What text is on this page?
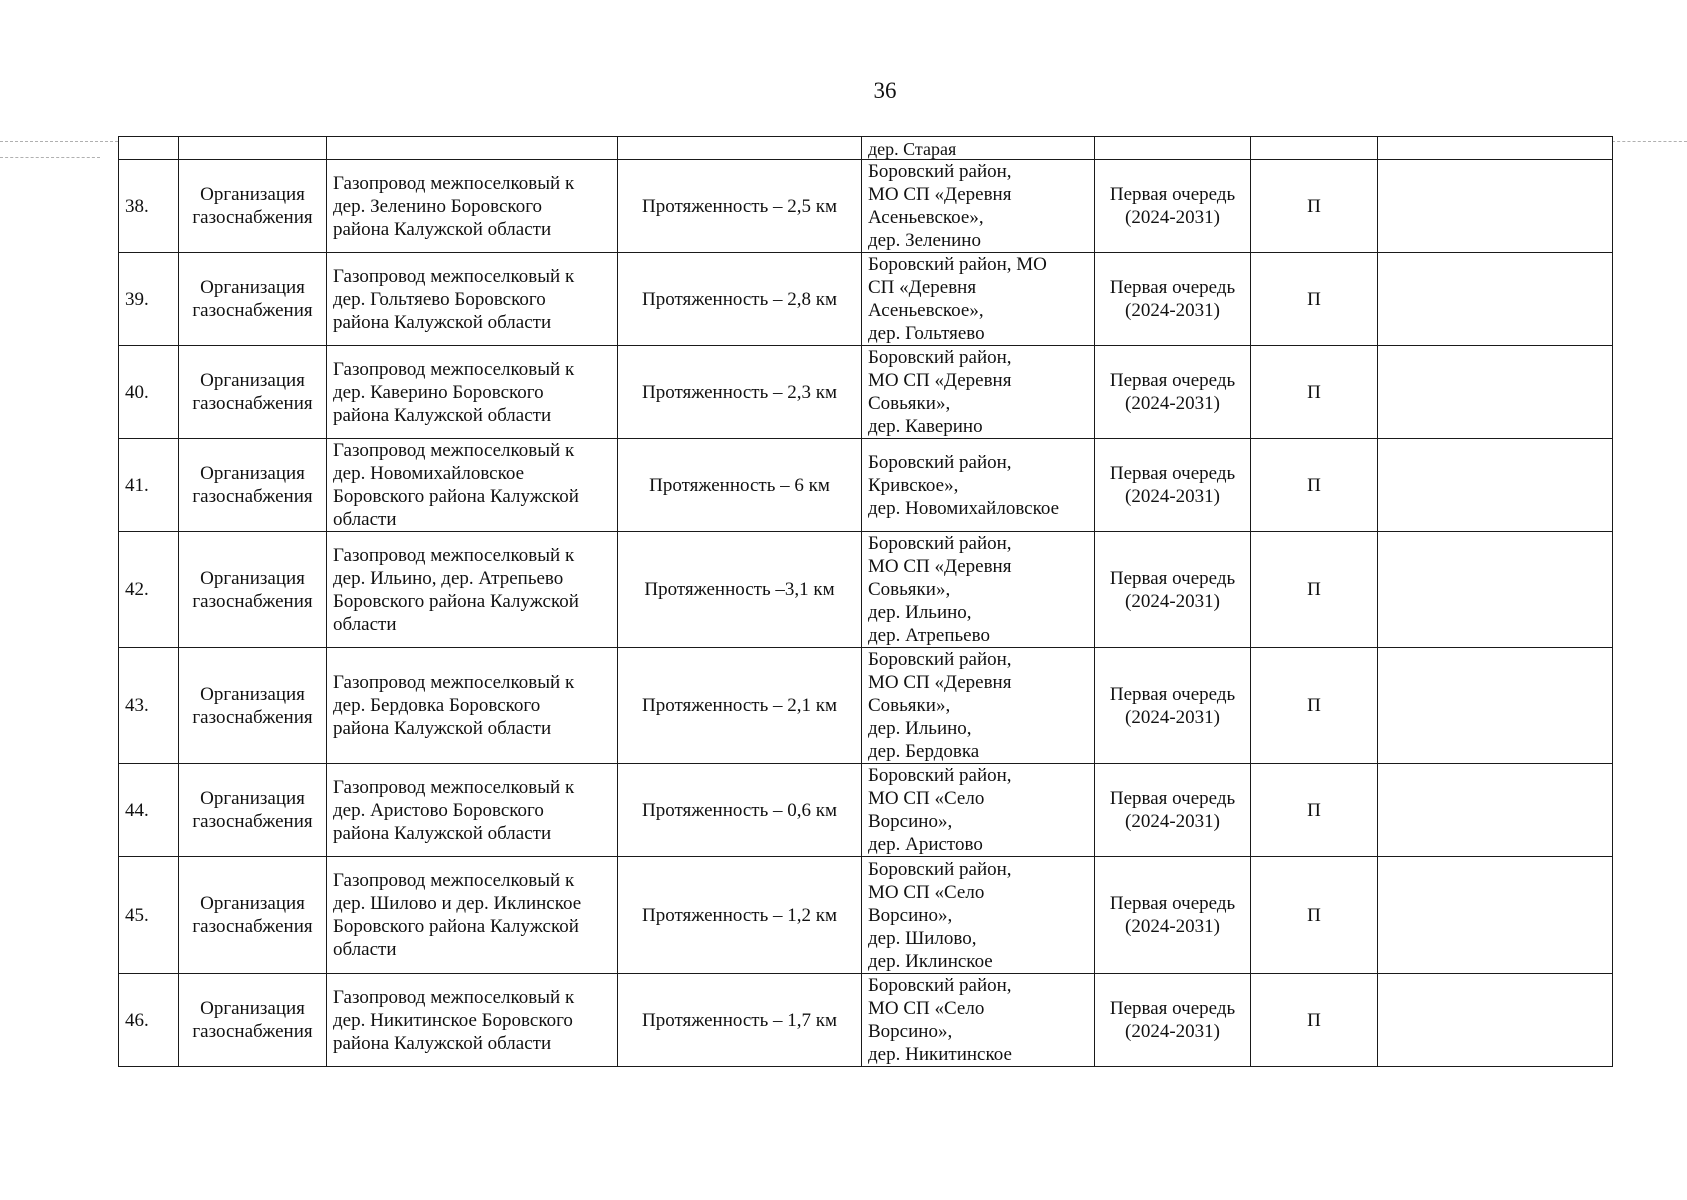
36
				дер. Старая			
38.	Организация газоснабжения	Газопровод межпоселковый к
дер. Зеленино Боровского
района Калужской области	Протяженность – 2,5 км	Боровский район,
МО СП «Деревня
Асеньевское»,
дер. Зеленино	Первая очередь
(2024-2031)	П	
39.	Организация газоснабжения	Газопровод межпоселковый к
дер. Гольтяево Боровского
района Калужской области	Протяженность – 2,8 км	Боровский район, МО
СП «Деревня
Асеньевское»,
дер. Гольтяево	Первая очередь
(2024-2031)	П	
40.	Организация газоснабжения	Газопровод межпоселковый к
дер. Каверино Боровского
района Калужской области	Протяженность – 2,3 км	Боровский район,
МО СП «Деревня
Совьяки»,
дер. Каверино	Первая очередь
(2024-2031)	П	
41.	Организация газоснабжения	Газопровод межпоселковый к
дер. Новомихайловское
Боровского района Калужской
области	Протяженность – 6 км	Боровский район,
Кривское»,
дер. Новомихайловское	Первая очередь
(2024-2031)	П	
42.	Организация газоснабжения	Газопровод межпоселковый к
дер. Ильино, дер. Атрепьево
Боровского района Калужской
области	Протяженность –3,1 км	Боровский район,
МО СП «Деревня
Совьяки»,
дер. Ильино,
дер. Атрепьево	Первая очередь
(2024-2031)	П	
43.	Организация газоснабжения	Газопровод межпоселковый к
дер. Бердовка Боровского
района Калужской области	Протяженность – 2,1 км	Боровский район,
МО СП «Деревня
Совьяки»,
дер. Ильино,
дер. Бердовка	Первая очередь
(2024-2031)	П	
44.	Организация газоснабжения	Газопровод межпоселковый к
дер. Аристово Боровского
района Калужской области	Протяженность – 0,6 км	Боровский район,
МО СП «Село
Ворсино»,
дер. Аристово	Первая очередь
(2024-2031)	П	
45.	Организация газоснабжения	Газопровод межпоселковый к
дер. Шилово и дер. Иклинское
Боровского района Калужской
области	Протяженность – 1,2 км	Боровский район,
МО СП «Село
Ворсино»,
дер. Шилово,
дер. Иклинское	Первая очередь
(2024-2031)	П	
46.	Организация газоснабжения	Газопровод межпоселковый к
дер. Никитинское Боровского
района Калужской области	Протяженность – 1,7 км	Боровский район,
МО СП «Село
Ворсино»,
дер. Никитинское	Первая очередь
(2024-2031)	П	
